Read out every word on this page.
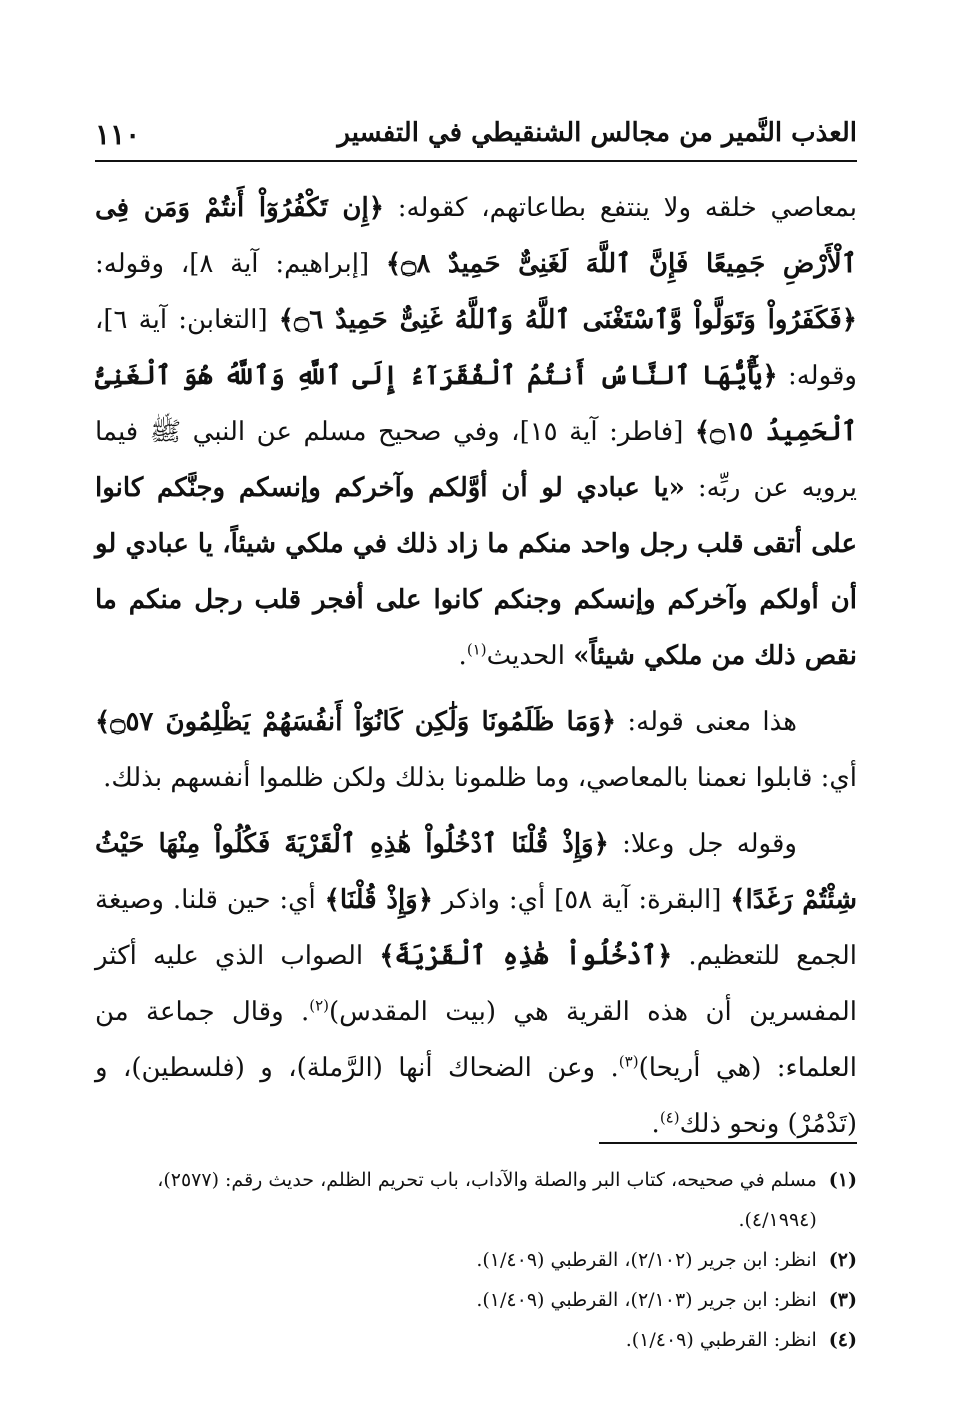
العذب النَّمير من مجالس الشنقيطي في التفسير
١١٠

بمعاصي خلقه ولا ينتفع بطاعاتهم، كقوله: ﴿إِن تَكْفُرُوٓاْ أَنتُمْ وَمَن فِى ٱلْأَرْضِ جَمِيعًا فَإِنَّ ٱللَّهَ لَغَنِىٌّ حَمِيدٌ ۝٨﴾ [إبراهيم: آية ٨]، وقوله: ﴿فَكَفَرُواْ وَتَوَلَّواْ وَّٱسْتَغْنَى ٱللَّهُ وَٱللَّهُ غَنِىٌّ حَمِيدٌ ۝٦﴾ [التغابن: آية ٦]، وقوله: ﴿يَٰٓأَيُّهَا ٱلنَّاسُ أَنتُمُ ٱلْفُقَرَآءُ إِلَى ٱللَّهِ وَٱللَّهُ هُوَ ٱلْغَنِىُّ ٱلْحَمِيدُ ۝١٥﴾ [فاطر: آية ١٥]، وفي صحيح مسلم عن النبي ﷺ فيما يرويه عن ربِّه: «يا عبادي لو أن أوَّلكم وآخركم وإنسكم وجنَّكم كانوا على أتقى قلب رجل واحد منكم ما زاد ذلك في ملكي شيئاً، يا عبادي لو أن أولكم وآخركم وإنسكم وجنكم كانوا على أفجر قلب رجل منكم ما نقص ذلك من ملكي شيئاً» الحديث$^{(١)}$.

هذا معنى قوله: ﴿وَمَا ظَلَمُونَا وَلَٰكِن كَانُوٓاْ أَنفُسَهُمْ يَظْلِمُونَ ۝٥٧﴾ أي: قابلوا نعمنا بالمعاصي، وما ظلمونا بذلك ولكن ظلموا أنفسهم بذلك.

وقوله جل وعلا: ﴿وَإِذْ قُلْنَا ٱدْخُلُواْ هَٰذِهِ ٱلْقَرْيَةَ فَكُلُواْ مِنْهَا حَيْثُ شِئْتُمْ رَغَدًا﴾ [البقرة: آية ٥٨] أي: واذكر ﴿وَإِذْ قُلْنَا﴾ أي: حين قلنا. وصيغة الجمع للتعظيم. ﴿ٱدْخُلُواْ هَٰذِهِ ٱلْقَرْيَةَ﴾ الصواب الذي عليه أكثر المفسرين أن هذه القرية هي (بيت المقدس)$^{(٢)}$. وقال جماعة من العلماء: (هي أريحا)$^{(٣)}$. وعن الضحاك أنها (الرَّملة)، و (فلسطين)، و (تَدْمُرْ) ونحو ذلك$^{(٤)}$.

(١)
مسلم في صحيحه، كتاب البر والصلة والآداب، باب تحريم الظلم، حديث رقم: (٢٥٧٧)، (٤/١٩٩٤).
(٢)
انظر: ابن جرير (٢/١٠٢)، القرطبي (١/٤٠٩).
(٣)
انظر: ابن جرير (٢/١٠٣)، القرطبي (١/٤٠٩).
(٤)
انظر: القرطبي (١/٤٠٩).
